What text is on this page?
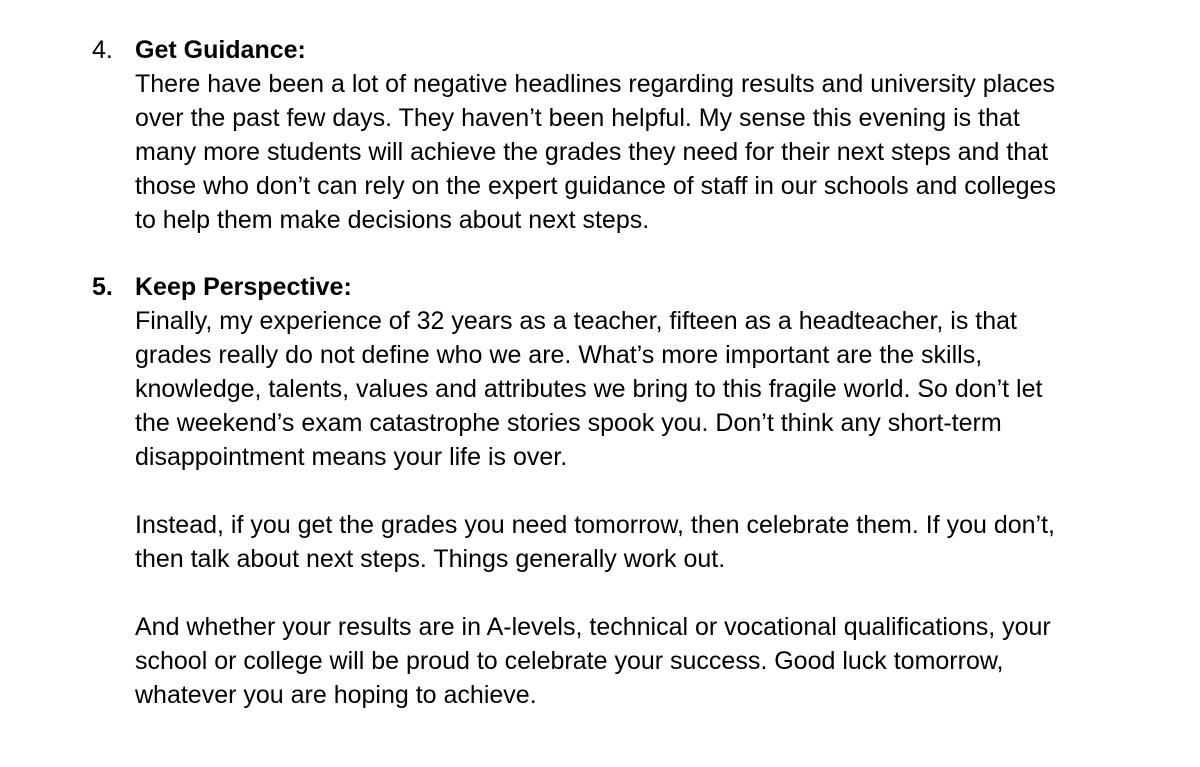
4. Get Guidance:

There have been a lot of negative headlines regarding results and university places
over the past few days. They haven’t been helpful. My sense this evening is that
many more students will achieve the grades they need for their next steps and that
those who don’t can rely on the expert guidance of staff in our schools and colleges
to help them make decisions about next steps.

5. Keep Perspective:

Finally, my experience of 32 years as a teacher, fifteen as a headteacher, is that
grades really do not define who we are. What’s more important are the skills,
knowledge, talents, values and attributes we bring to this fragile world. So don’t let
the weekend’s exam catastrophe stories spook you. Don’t think any short-term
disappointment means your life is over.

Instead, if you get the grades you need tomorrow, then celebrate them. If you don’t,
then talk about next steps. Things generally work out.

And whether your results are in A-levels, technical or vocational qualifications, your
school or college will be proud to celebrate your success. Good luck tomorrow,
whatever you are hoping to achieve.
